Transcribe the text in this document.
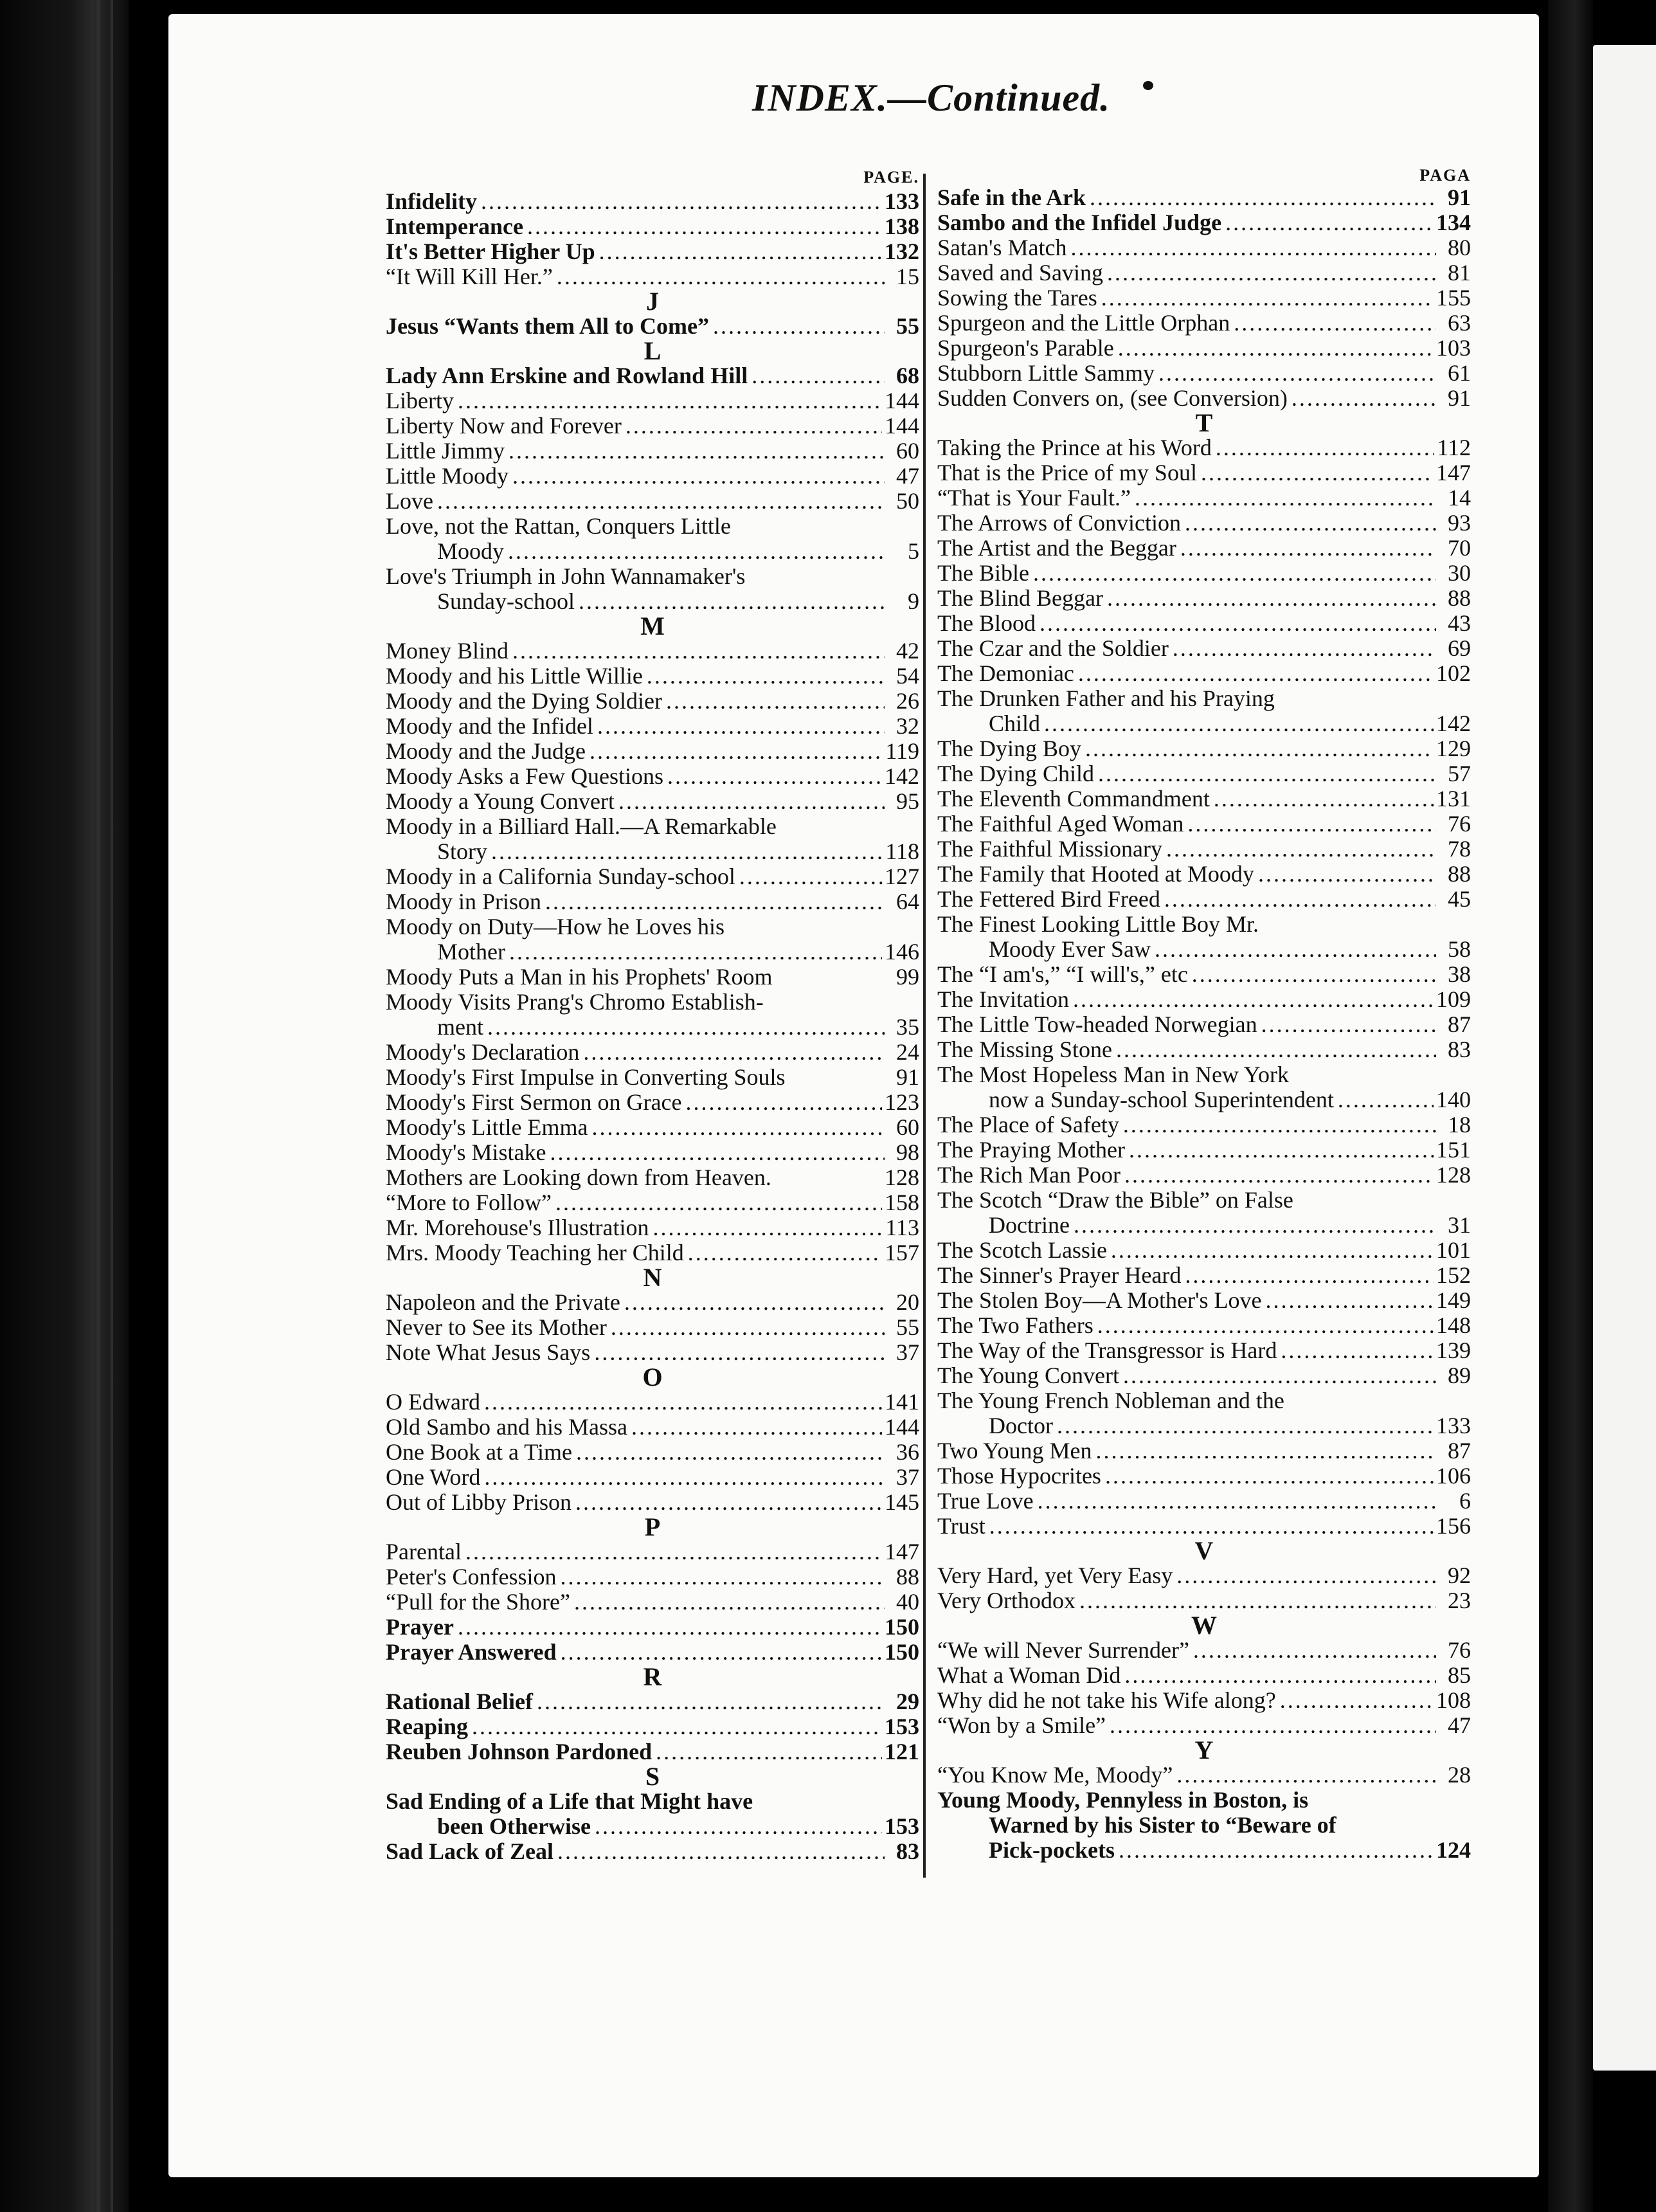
INDEX.—Continued.
PAGE.
Infidelity .....	133
Intemperance .....	138
It's Better Higher Up .....	132
“It Will Kill Her.” .....	15
J
Jesus “Wants them All to Come” .....	55
L
Lady Ann Erskine and Rowland Hill .....	68
Liberty .....	144
Liberty Now and Forever .....	144
Little Jimmy .....	60
Little Moody .....	47
Love .....	50
Love, not the Rattan, Conquers Little
Moody .....	5
Love's Triumph in John Wannamaker's
Sunday-school .....	9
M
Money Blind .....	42
Moody and his Little Willie .....	54
Moody and the Dying Soldier .....	26
Moody and the Infidel .....	32
Moody and the Judge .....	119
Moody Asks a Few Questions .....	142
Moody a Young Convert .....	95
Moody in a Billiard Hall.—A Remarkable
Story .....	118
Moody in a California Sunday-school .....	127
Moody in Prison .....	64
Moody on Duty—How he Loves his
Mother .....	146
Moody Puts a Man in his Prophets' Room	99
Moody Visits Prang's Chromo Establish-
ment .....	35
Moody's Declaration .....	24
Moody's First Impulse in Converting Souls	91
Moody's First Sermon on Grace .....	123
Moody's Little Emma .....	60
Moody's Mistake .....	98
Mothers are Looking down from Heaven.	128
“More to Follow” .....	158
Mr. Morehouse's Illustration .....	113
Mrs. Moody Teaching her Child .....	157
N
Napoleon and the Private .....	20
Never to See its Mother .....	55
Note What Jesus Says .....	37
O
O Edward .....	141
Old Sambo and his Massa .....	144
One Book at a Time .....	36
One Word .....	37
Out of Libby Prison .....	145
P
Parental .....	147
Peter's Confession .....	88
“Pull for the Shore” .....	40
Prayer .....	150
Prayer Answered .....	150
R
Rational Belief .....	29
Reaping .....	153
Reuben Johnson Pardoned .....	121
S
Sad Ending of a Life that Might have
been Otherwise .....	153
Sad Lack of Zeal .....	83
PAGA
Safe in the Ark .....	91
Sambo and the Infidel Judge .....	134
Satan's Match .....	80
Saved and Saving .....	81
Sowing the Tares .....	155
Spurgeon and the Little Orphan .....	63
Spurgeon's Parable .....	103
Stubborn Little Sammy .....	61
Sudden Convers on, (see Conversion) .....	91
T
Taking the Prince at his Word .....	112
That is the Price of my Soul .....	147
“That is Your Fault.” .....	14
The Arrows of Conviction .....	93
The Artist and the Beggar .....	70
The Bible .....	30
The Blind Beggar .....	88
The Blood .....	43
The Czar and the Soldier .....	69
The Demoniac .....	102
The Drunken Father and his Praying
Child .....	142
The Dying Boy .....	129
The Dying Child .....	57
The Eleventh Commandment .....	131
The Faithful Aged Woman .....	76
The Faithful Missionary .....	78
The Family that Hooted at Moody .....	88
The Fettered Bird Freed .....	45
The Finest Looking Little Boy Mr.
Moody Ever Saw .....	58
The “I am's,” “I will's,” etc .....	38
The Invitation .....	109
The Little Tow-headed Norwegian .....	87
The Missing Stone .....	83
The Most Hopeless Man in New York
now a Sunday-school Superintendent .....	140
The Place of Safety .....	18
The Praying Mother .....	151
The Rich Man Poor .....	128
The Scotch “Draw the Bible” on False
Doctrine .....	31
The Scotch Lassie .....	101
The Sinner's Prayer Heard .....	152
The Stolen Boy—A Mother's Love .....	149
The Two Fathers .....	148
The Way of the Transgressor is Hard .....	139
The Young Convert .....	89
The Young French Nobleman and the
Doctor .....	133
Two Young Men .....	87
Those Hypocrites .....	106
True Love .....	6
Trust .....	156
V
Very Hard, yet Very Easy .....	92
Very Orthodox .....	23
W
“We will Never Surrender” .....	76
What a Woman Did .....	85
Why did he not take his Wife along? .....	108
“Won by a Smile” .....	47
Y
“You Know Me, Moody” .....	28
Young Moody, Pennyless in Boston, is
Warned by his Sister to “Beware of
Pick-pockets .....	124
